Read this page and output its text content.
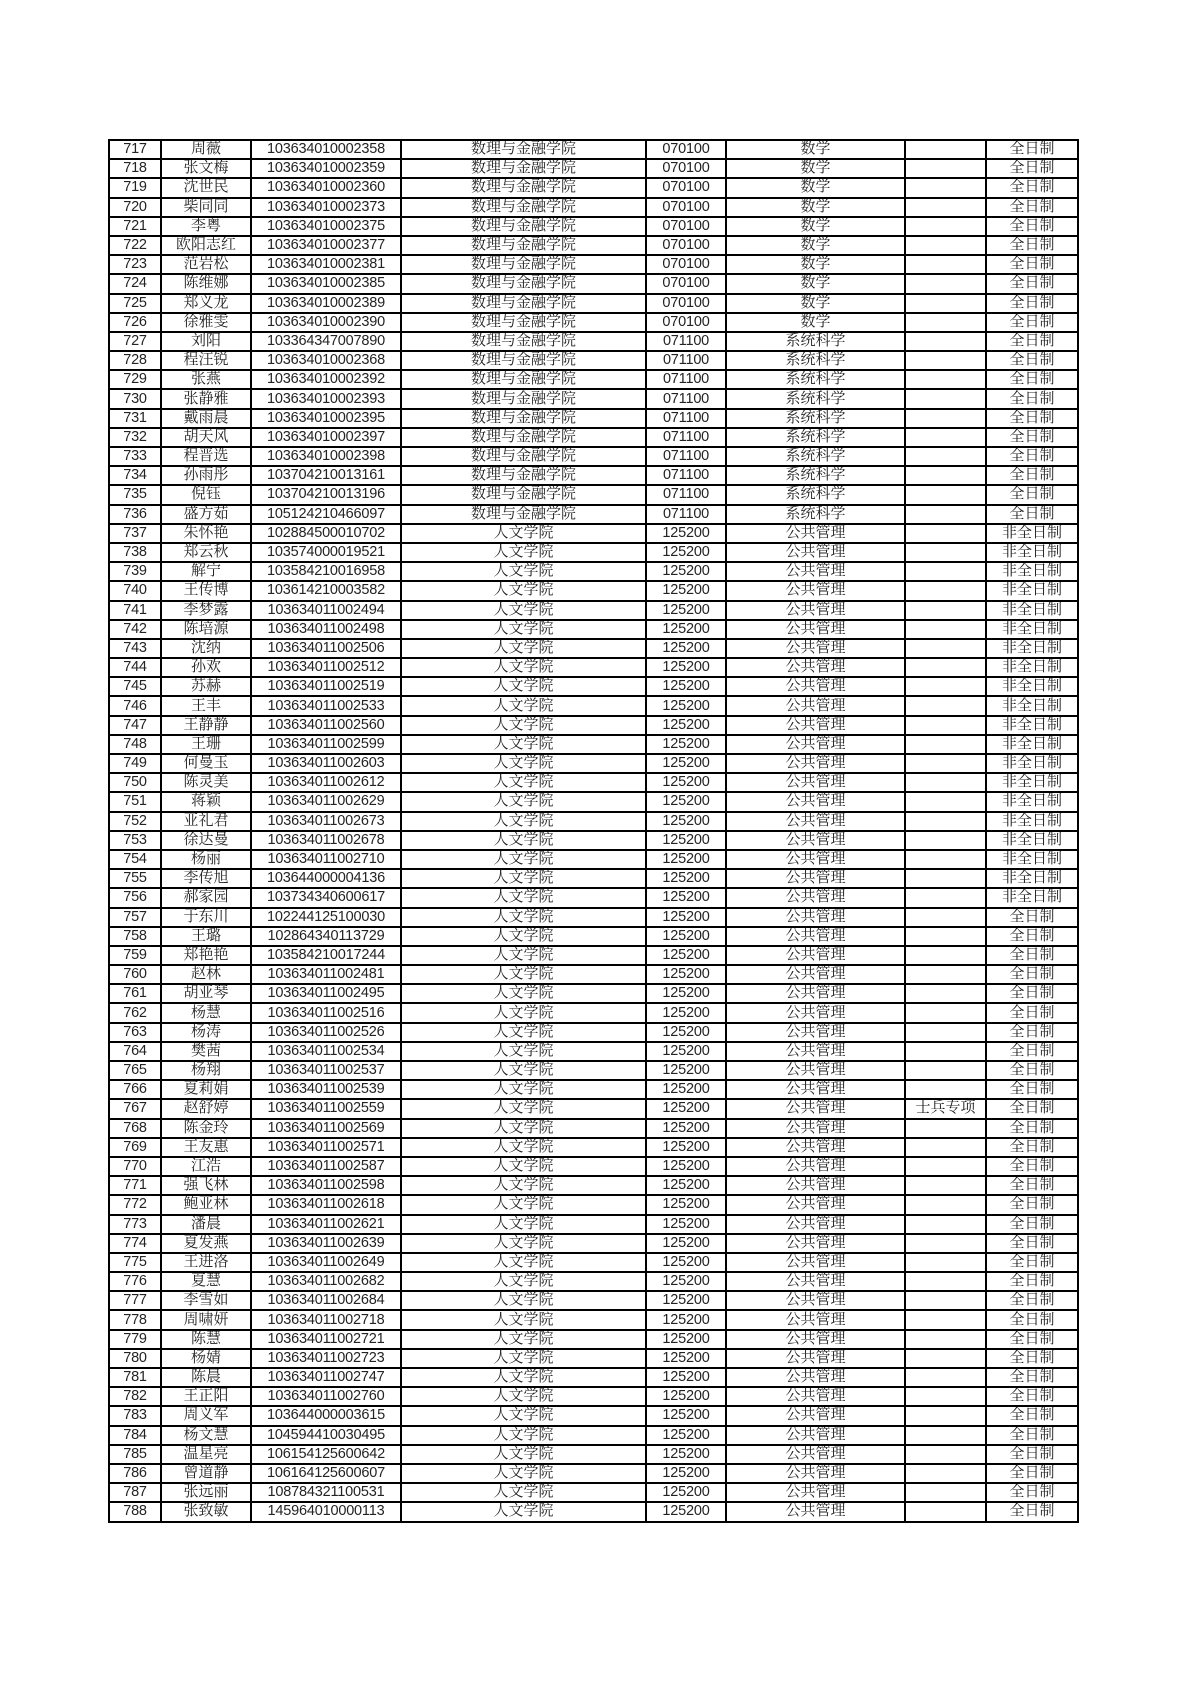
717	周薇	103634010002358	数理与金融学院	070100	数学		全日制
718	张文梅	103634010002359	数理与金融学院	070100	数学		全日制
719	沈世民	103634010002360	数理与金融学院	070100	数学		全日制
720	柴同同	103634010002373	数理与金融学院	070100	数学		全日制
721	李粤	103634010002375	数理与金融学院	070100	数学		全日制
722	欧阳志红	103634010002377	数理与金融学院	070100	数学		全日制
723	范岩松	103634010002381	数理与金融学院	070100	数学		全日制
724	陈维娜	103634010002385	数理与金融学院	070100	数学		全日制
725	郑义龙	103634010002389	数理与金融学院	070100	数学		全日制
726	徐雅雯	103634010002390	数理与金融学院	070100	数学		全日制
727	刘阳	103364347007890	数理与金融学院	071100	系统科学		全日制
728	程汪锐	103634010002368	数理与金融学院	071100	系统科学		全日制
729	张燕	103634010002392	数理与金融学院	071100	系统科学		全日制
730	张静雅	103634010002393	数理与金融学院	071100	系统科学		全日制
731	戴雨晨	103634010002395	数理与金融学院	071100	系统科学		全日制
732	胡天风	103634010002397	数理与金融学院	071100	系统科学		全日制
733	程晋选	103634010002398	数理与金融学院	071100	系统科学		全日制
734	孙雨彤	103704210013161	数理与金融学院	071100	系统科学		全日制
735	倪钰	103704210013196	数理与金融学院	071100	系统科学		全日制
736	盛方茹	105124210466097	数理与金融学院	071100	系统科学		全日制
737	朱怀艳	102884500010702	人文学院	125200	公共管理		非全日制
738	郑云秋	103574000019521	人文学院	125200	公共管理		非全日制
739	解宁	103584210016958	人文学院	125200	公共管理		非全日制
740	王传博	103614210003582	人文学院	125200	公共管理		非全日制
741	李梦露	103634011002494	人文学院	125200	公共管理		非全日制
742	陈培源	103634011002498	人文学院	125200	公共管理		非全日制
743	沈纳	103634011002506	人文学院	125200	公共管理		非全日制
744	孙欢	103634011002512	人文学院	125200	公共管理		非全日制
745	苏赫	103634011002519	人文学院	125200	公共管理		非全日制
746	王丰	103634011002533	人文学院	125200	公共管理		非全日制
747	王静静	103634011002560	人文学院	125200	公共管理		非全日制
748	王珊	103634011002599	人文学院	125200	公共管理		非全日制
749	何曼玉	103634011002603	人文学院	125200	公共管理		非全日制
750	陈灵美	103634011002612	人文学院	125200	公共管理		非全日制
751	蒋颖	103634011002629	人文学院	125200	公共管理		非全日制
752	亚礼君	103634011002673	人文学院	125200	公共管理		非全日制
753	徐达曼	103634011002678	人文学院	125200	公共管理		非全日制
754	杨丽	103634011002710	人文学院	125200	公共管理		非全日制
755	李传旭	103644000004136	人文学院	125200	公共管理		非全日制
756	郝家园	103734340600617	人文学院	125200	公共管理		非全日制
757	于东川	102244125100030	人文学院	125200	公共管理		全日制
758	王璐	102864340113729	人文学院	125200	公共管理		全日制
759	郑艳艳	103584210017244	人文学院	125200	公共管理		全日制
760	赵林	103634011002481	人文学院	125200	公共管理		全日制
761	胡亚琴	103634011002495	人文学院	125200	公共管理		全日制
762	杨慧	103634011002516	人文学院	125200	公共管理		全日制
763	杨涛	103634011002526	人文学院	125200	公共管理		全日制
764	樊茜	103634011002534	人文学院	125200	公共管理		全日制
765	杨翔	103634011002537	人文学院	125200	公共管理		全日制
766	夏莉娟	103634011002539	人文学院	125200	公共管理		全日制
767	赵舒婷	103634011002559	人文学院	125200	公共管理	士兵专项	全日制
768	陈金玲	103634011002569	人文学院	125200	公共管理		全日制
769	王友惠	103634011002571	人文学院	125200	公共管理		全日制
770	江浩	103634011002587	人文学院	125200	公共管理		全日制
771	强飞林	103634011002598	人文学院	125200	公共管理		全日制
772	鲍亚林	103634011002618	人文学院	125200	公共管理		全日制
773	潘晨	103634011002621	人文学院	125200	公共管理		全日制
774	夏发燕	103634011002639	人文学院	125200	公共管理		全日制
775	王进洛	103634011002649	人文学院	125200	公共管理		全日制
776	夏慧	103634011002682	人文学院	125200	公共管理		全日制
777	李雪如	103634011002684	人文学院	125200	公共管理		全日制
778	周啸妍	103634011002718	人文学院	125200	公共管理		全日制
779	陈慧	103634011002721	人文学院	125200	公共管理		全日制
780	杨婧	103634011002723	人文学院	125200	公共管理		全日制
781	陈晨	103634011002747	人文学院	125200	公共管理		全日制
782	王正阳	103634011002760	人文学院	125200	公共管理		全日制
783	周义军	103644000003615	人文学院	125200	公共管理		全日制
784	杨文慧	104594410030495	人文学院	125200	公共管理		全日制
785	温星亮	106154125600642	人文学院	125200	公共管理		全日制
786	曾道静	106164125600607	人文学院	125200	公共管理		全日制
787	张远丽	108784321100531	人文学院	125200	公共管理		全日制
788	张致敏	145964010000113	人文学院	125200	公共管理		全日制
